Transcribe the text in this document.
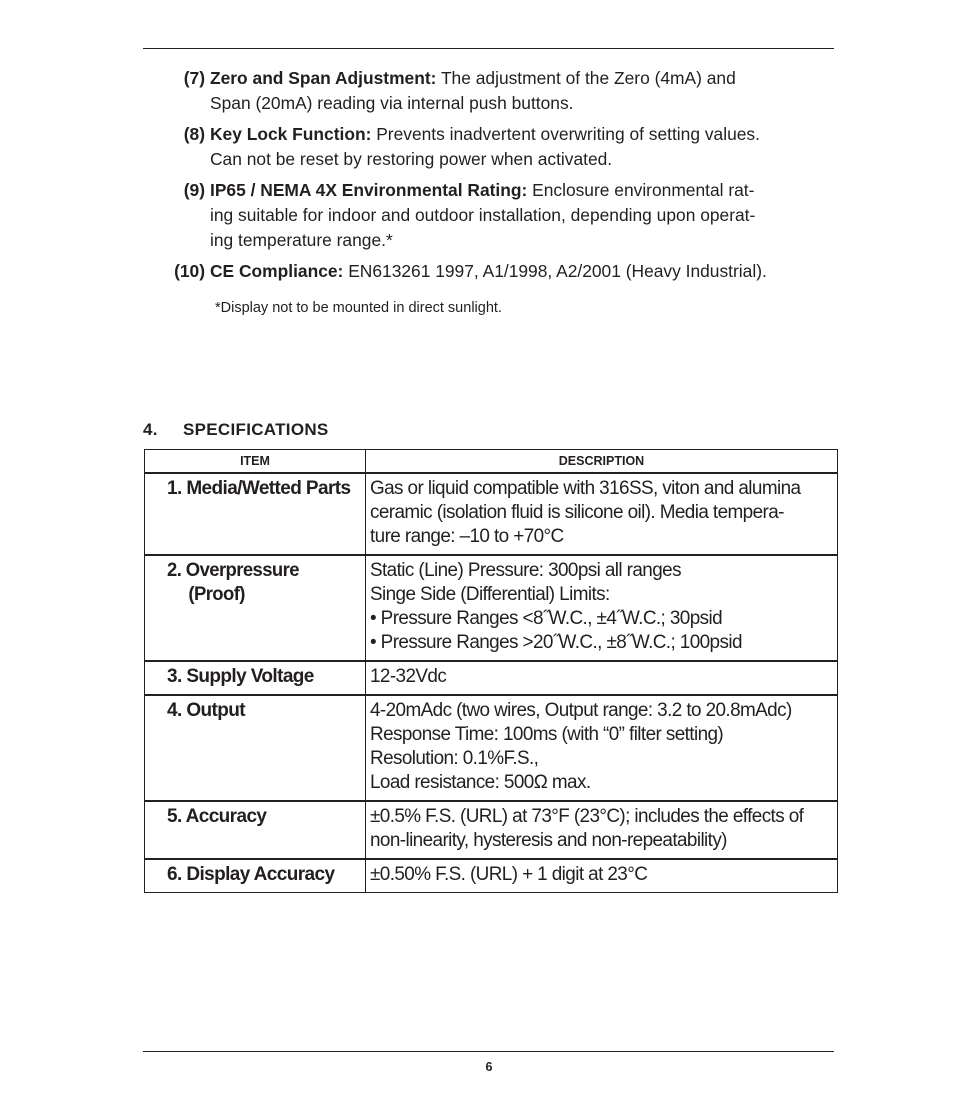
(7) Zero and Span Adjustment: The adjustment of the Zero (4mA) and
Span (20mA) reading via internal push buttons.
(8) Key Lock Function: Prevents inadvertent overwriting of setting values.
Can not be reset by restoring power when activated.
(9) IP65 / NEMA 4X Environmental Rating: Enclosure environmental rat-
ing suitable for indoor and outdoor installation, depending upon operat-
ing temperature range.*
(10) CE Compliance: EN613261 1997, A1/1998, A2/2001 (Heavy Industrial).
*Display not to be mounted in direct sunlight.
4. SPECIFICATIONS
ITEM	DESCRIPTION

1. Media/Wetted Parts	Gas or liquid compatible with 316SS, viton and alumina
ceramic (isolation fluid is silicone oil). Media tempera-
ture range: –10 to +70°C

2. Overpressure
(Proof)	Static (Line) Pressure: 300psi all ranges
Singe Side (Differential) Limits:
• Pressure Ranges <8˝W.C., ±4˝W.C.; 30psid
• Pressure Ranges >20˝W.C., ±8˝W.C.; 100psid

3. Supply Voltage	12-32Vdc

4. Output	4-20mAdc (two wires, Output range: 3.2 to 20.8mAdc)
Response Time: 100ms (with “0” filter setting)
Resolution: 0.1%F.S.,
Load resistance: 500Ω max.

5. Accuracy	±0.5% F.S. (URL) at 73°F (23°C); includes the effects of
non-linearity, hysteresis and non-repeatability)

6. Display Accuracy	±0.50% F.S. (URL) + 1 digit at 23°C
6
